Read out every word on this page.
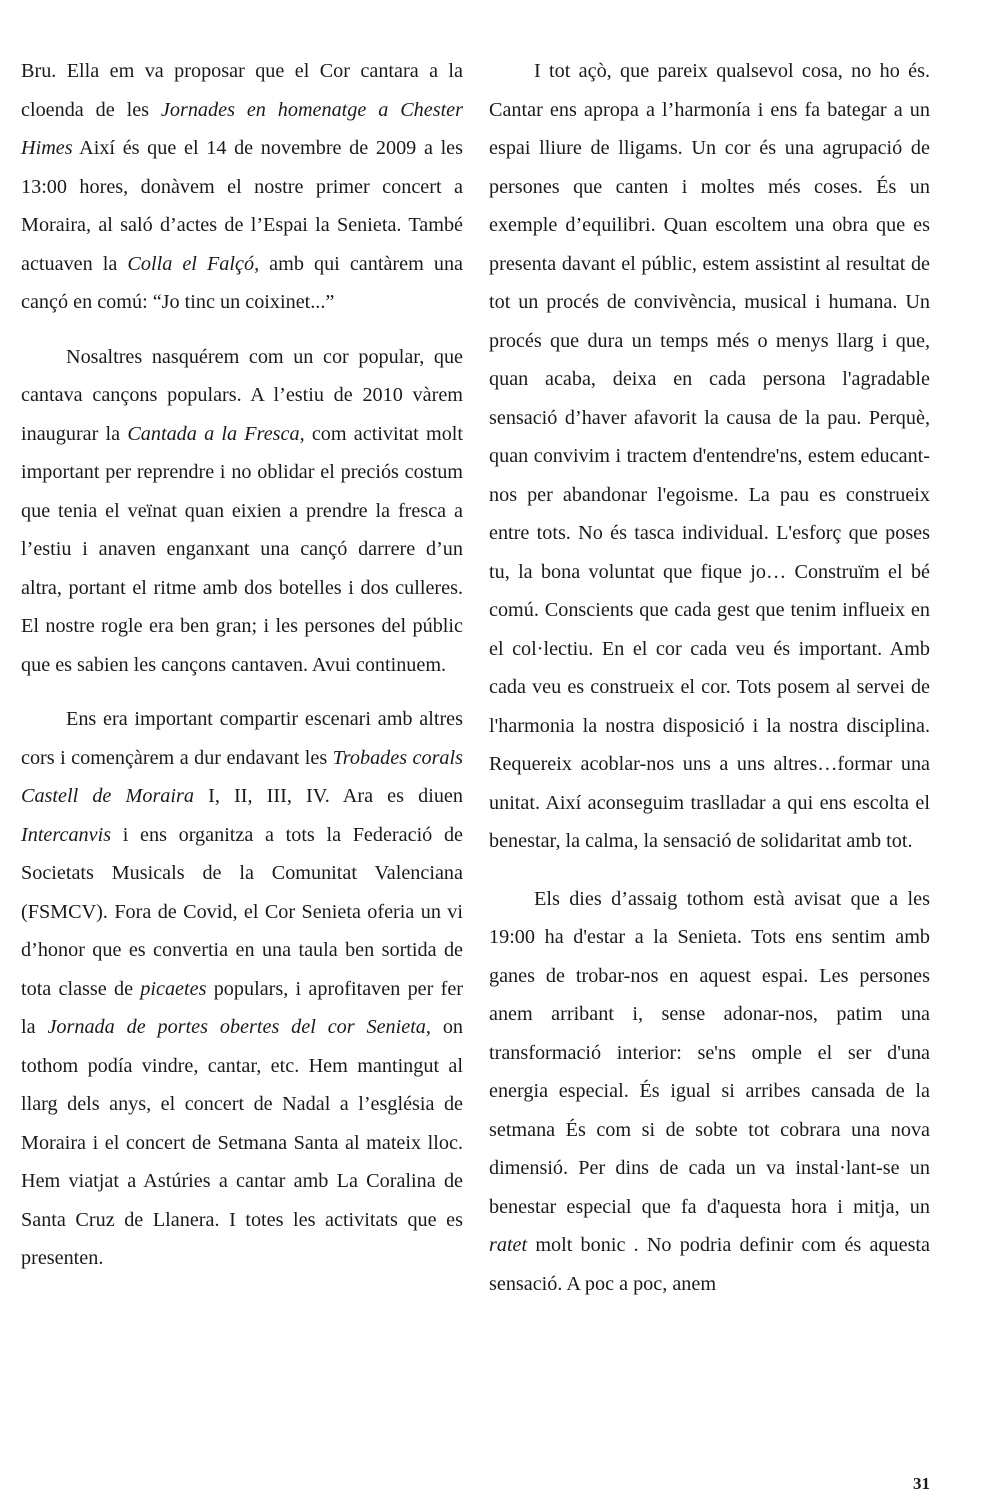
Bru. Ella em va proposar que el Cor cantara a la cloenda de les Jornades en homenatge a Chester Himes Així és que el 14 de novembre de 2009 a les 13:00 hores, donàvem el nostre primer concert a Moraira, al saló d’actes de l’Espai la Senieta. També actuaven la Colla el Falçó, amb qui cantàrem una cançó en comú: “Jo tinc un coixinet...”

Nosaltres nasquérem com un cor popular, que cantava cançons populars. A l’estiu de 2010 vàrem inaugurar la Cantada a la Fresca, com activitat molt important per reprendre i no oblidar el preciós costum que tenia el veïnat quan eixien a prendre la fresca a l’estiu i anaven enganxant una cançó darrere d’un altra, portant el ritme amb dos botelles i dos culleres. El nostre rogle era ben gran; i les persones del públic que es sabien les cançons cantaven. Avui continuem.

Ens era important compartir escenari amb altres cors i començàrem a dur endavant les Trobades corals Castell de Moraira I, II, III, IV. Ara es diuen Intercanvis i ens organitza a tots la Federació de Societats Musicals de la Comunitat Valenciana (FSMCV). Fora de Covid, el Cor Senieta oferia un vi d’honor que es convertia en una taula ben sortida de tota classe de picaetes populars, i aprofitaven per fer la Jornada de portes obertes del cor Senieta, on tothom podía vindre, cantar, etc. Hem mantingut al llarg dels anys, el concert de Nadal a l’església de Moraira i el concert de Setmana Santa al mateix lloc. Hem viatjat a Astúries a cantar amb La Coralina de Santa Cruz de Llanera. I totes les activitats que es presenten.

I tot açò, que pareix qualsevol cosa, no ho és. Cantar ens apropa a l’harmonía i ens fa bategar a un espai lliure de lligams. Un cor és una agrupació de persones que canten i moltes més coses. És un exemple d’equilibri. Quan escoltem una obra que es presenta davant el públic, estem assistint al resultat de tot un procés de convivència, musical i humana. Un procés que dura un temps més o menys llarg i que, quan acaba, deixa en cada persona l'agradable sensació d’haver afavorit la causa de la pau. Perquè, quan convivim i tractem d'entendre'ns, estem educant-nos per abandonar l'egoisme. La pau es construeix entre tots. No és tasca individual. L'esforç que poses tu, la bona voluntat que fique jo… Construïm el bé comú. Conscients que cada gest que tenim influeix en el col·lectiu. En el cor cada veu és important. Amb cada veu es construeix el cor. Tots posem al servei de l'harmonia la nostra disposició i la nostra disciplina. Requereix acoblar-nos uns a uns altres…formar una unitat. Així aconseguim traslladar a qui ens escolta el benestar, la calma, la sensació de solidaritat amb tot.

Els dies d’assaig tothom està avisat que a les 19:00 ha d'estar a la Senieta. Tots ens sentim amb ganes de trobar-nos en aquest espai. Les persones anem arribant i, sense adonar-nos, patim una transformació interior: se'ns omple el ser d'una energia especial. És igual si arribes cansada de la setmana És com si de sobte tot cobrara una nova dimensió. Per dins de cada un va instal·lant-se un benestar especial que fa d'aquesta hora i mitja, un ratet molt bonic . No podria definir com és aquesta sensació. A poc a poc, anem

31
